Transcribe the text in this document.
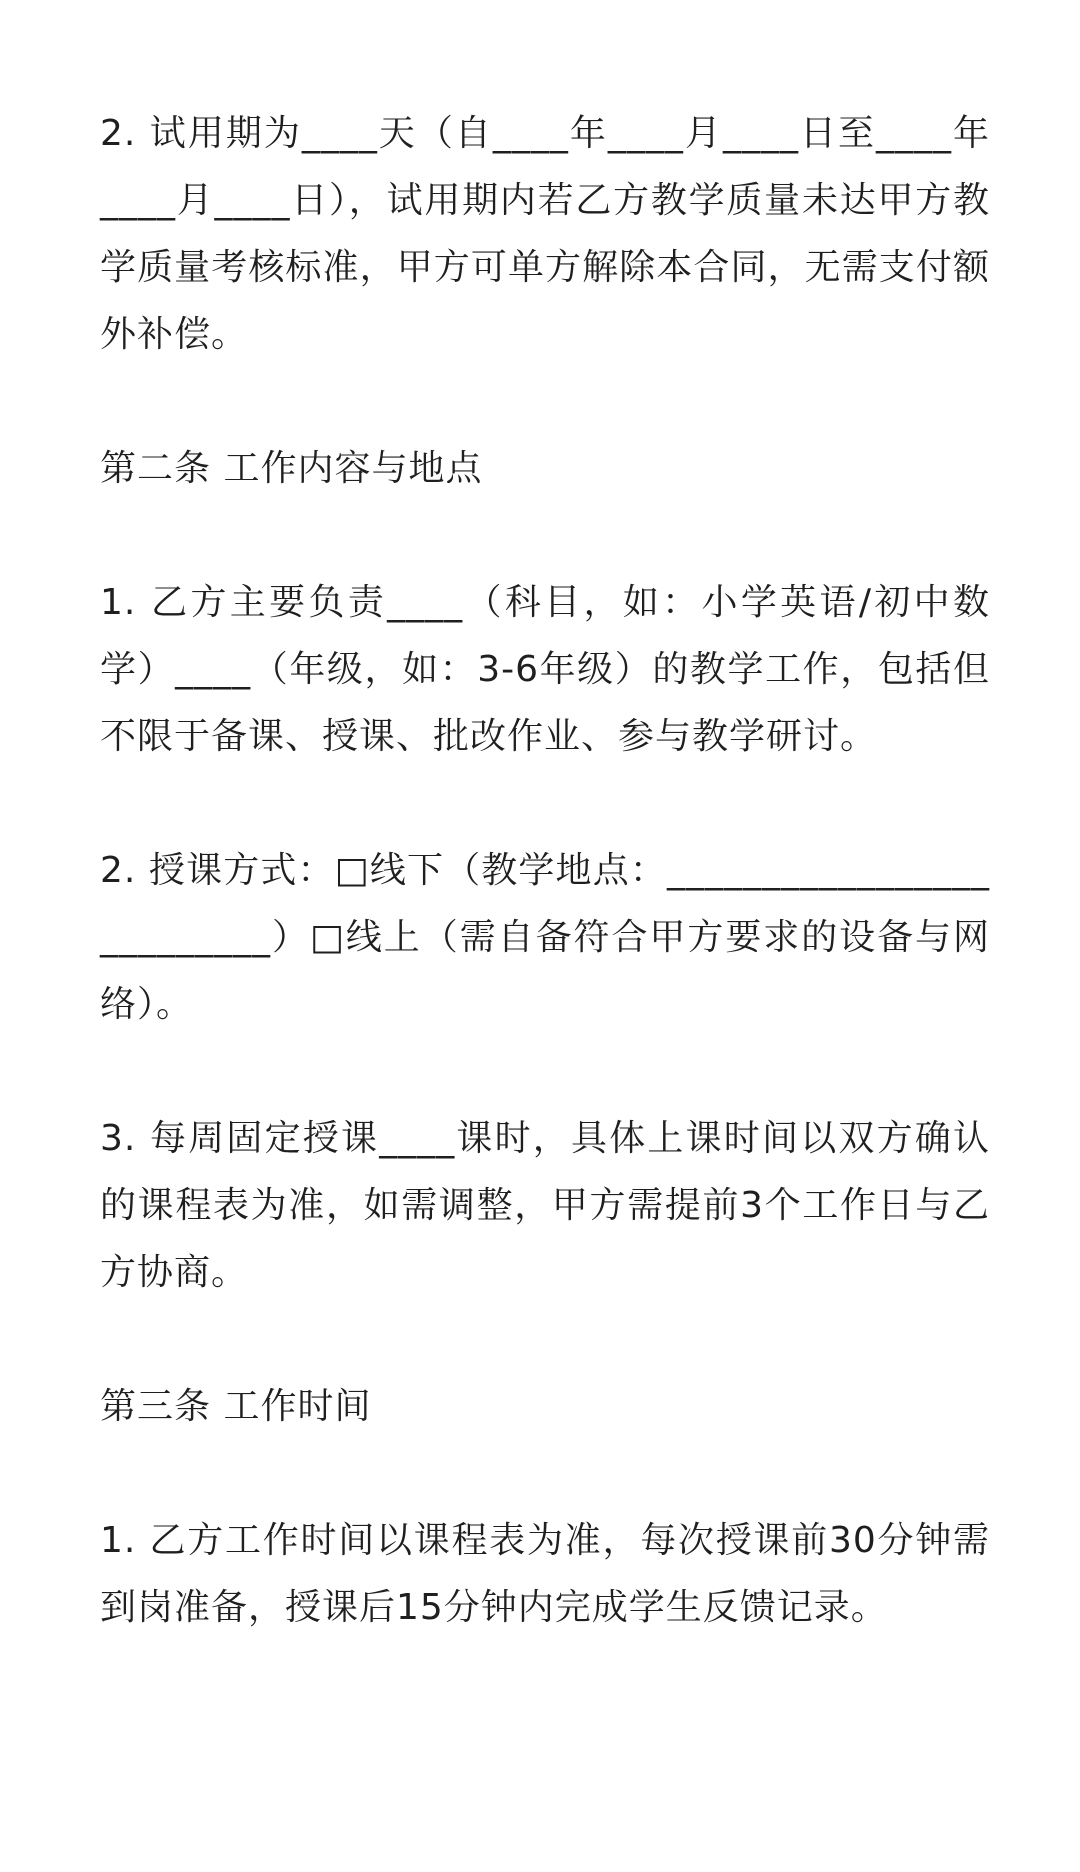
2. 试用期为____天（自____年____月____日至____年____月____日），试用期内若乙方教学质量未达甲方教学质量考核标准，甲方可单方解除本合同，无需支付额外补偿。

第二条 工作内容与地点

1. 乙方主要负责____（科目，如：小学英语/初中数学）____（年级，如：3-6年级）的教学工作，包括但不限于备课、授课、批改作业、参与教学研讨。

2. 授课方式：□线下（教学地点：__________________________）□线上（需自备符合甲方要求的设备与网络）。

3. 每周固定授课____课时，具体上课时间以双方确认的课程表为准，如需调整，甲方需提前3个工作日与乙方协商。

第三条 工作时间

1. 乙方工作时间以课程表为准，每次授课前30分钟需到岗准备，授课后15分钟内完成学生反馈记录。
